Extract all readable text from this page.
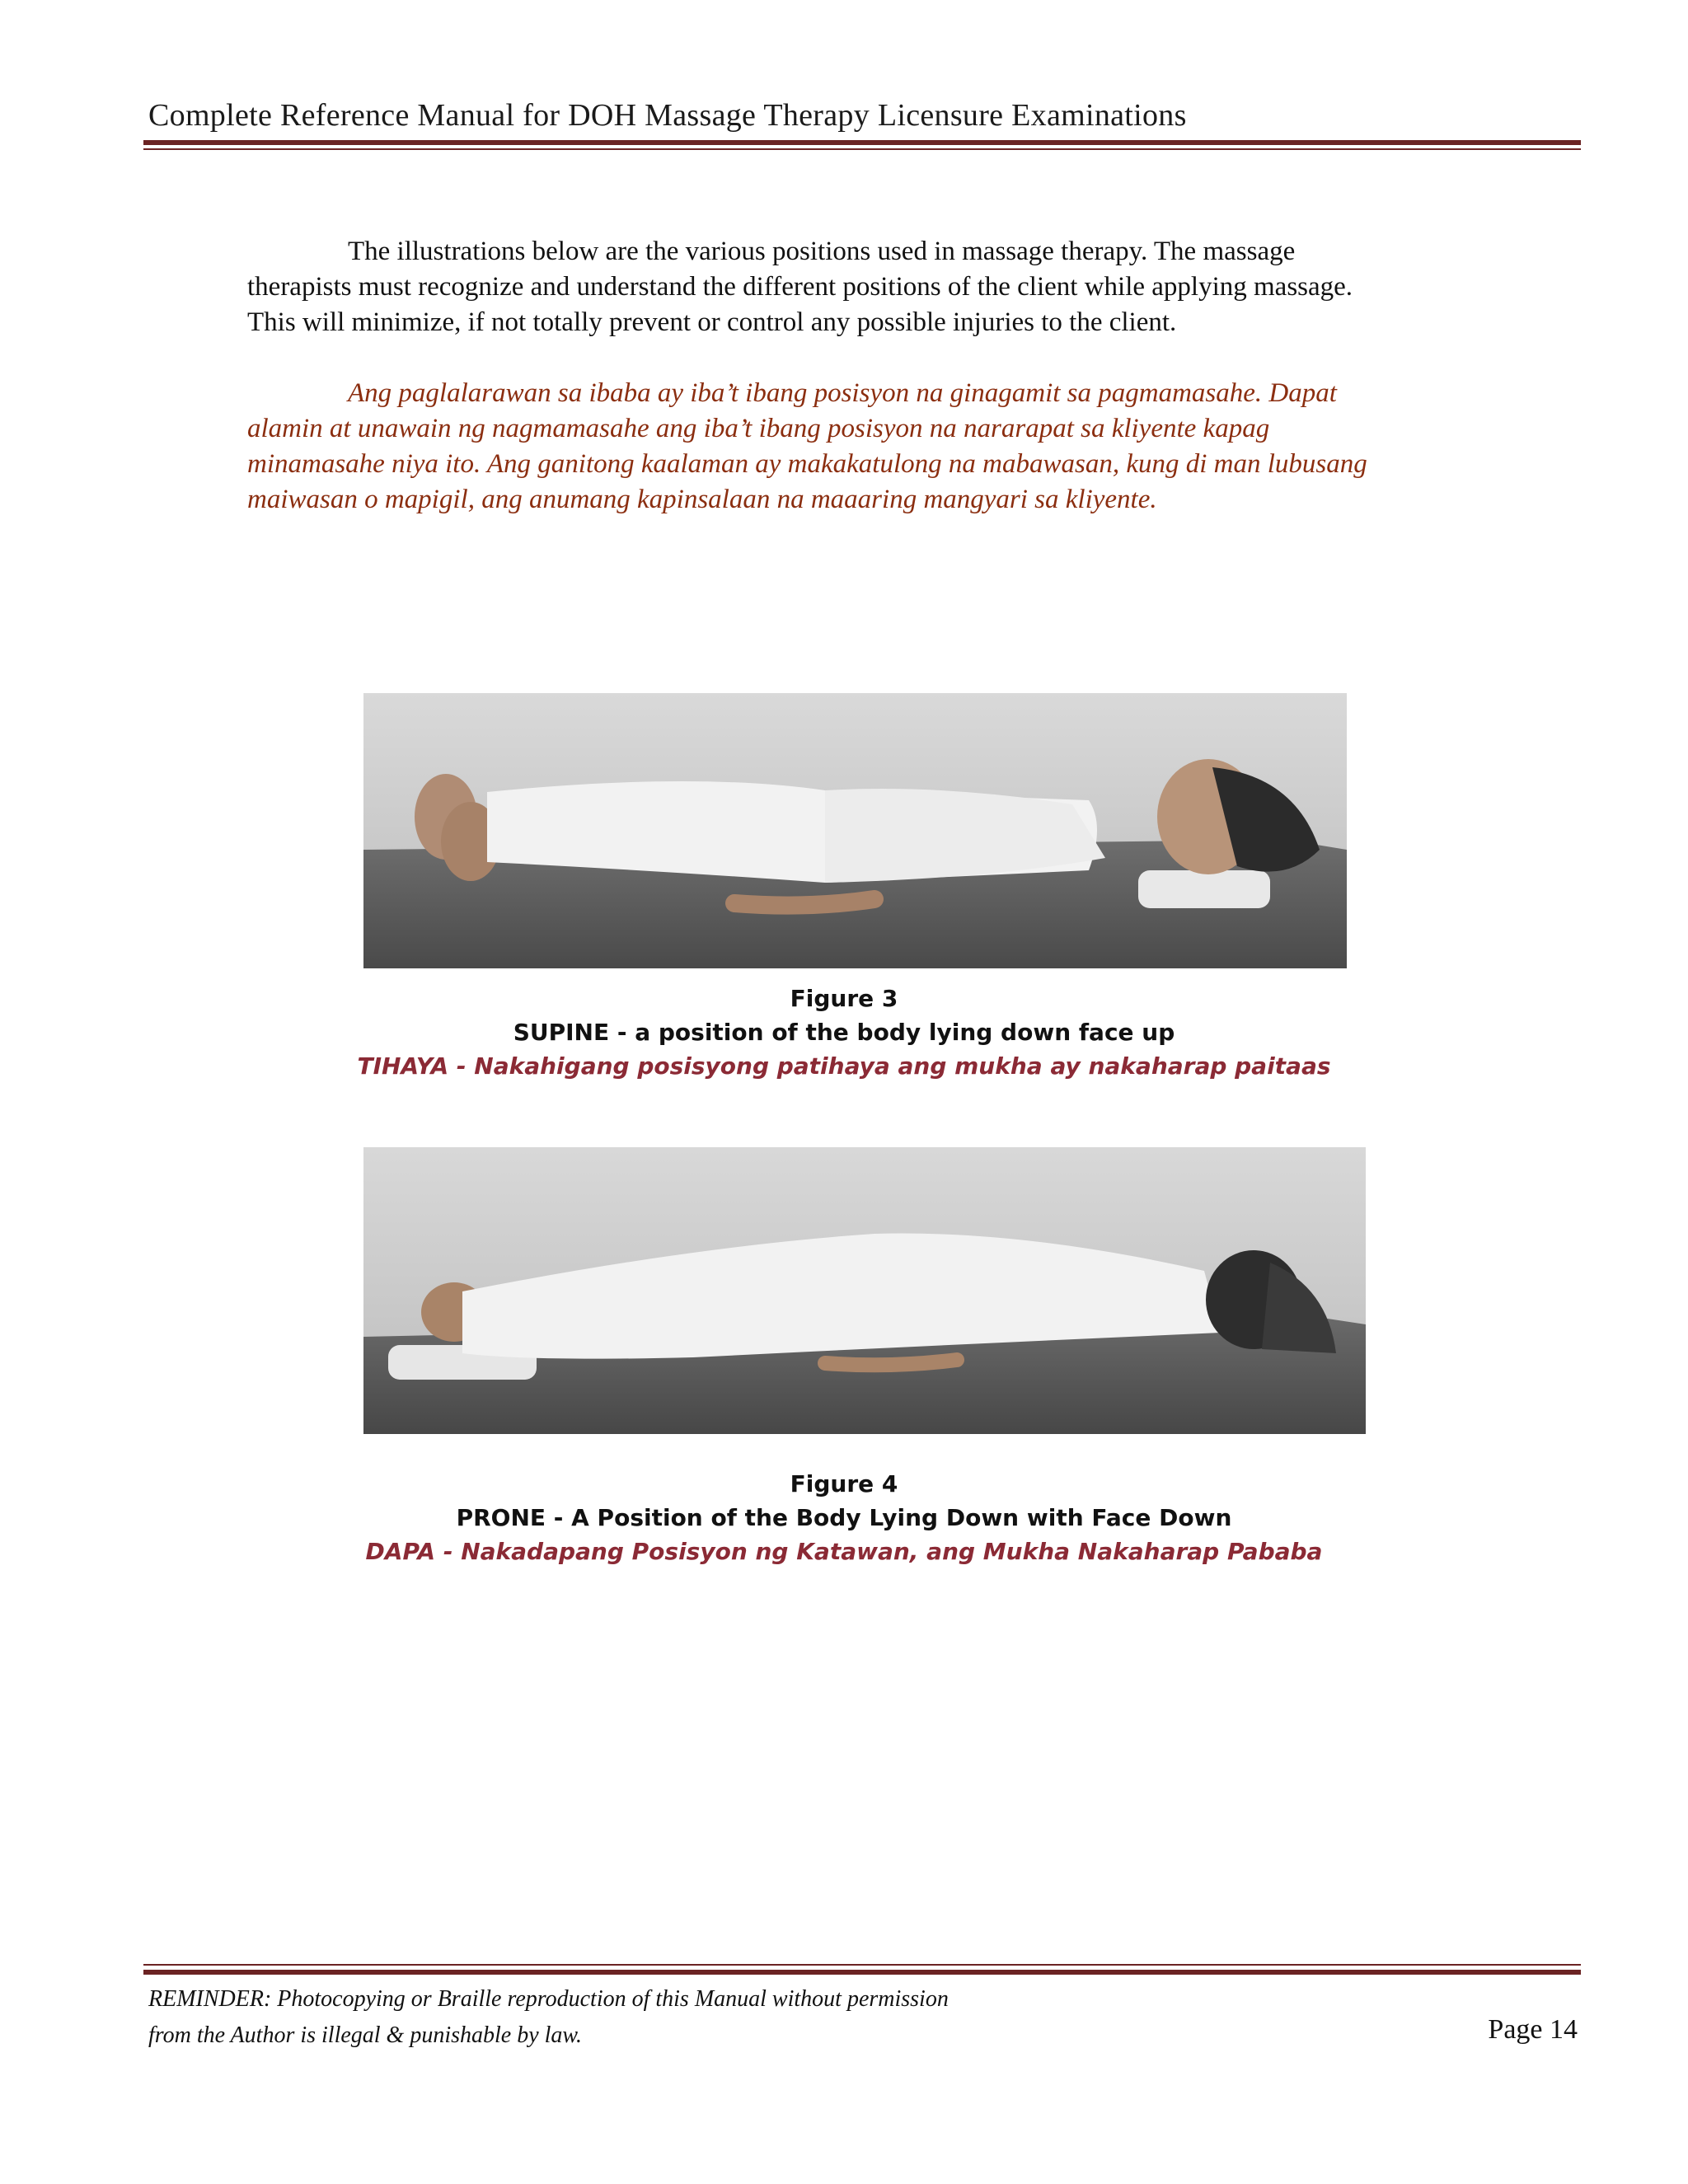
Complete Reference Manual for DOH Massage Therapy Licensure Examinations

The illustrations below are the various positions used in massage therapy. The massage
therapists must recognize and understand the different positions of the client while applying massage.
This will minimize, if not totally prevent or control any possible injuries to the client.

Ang paglalarawan sa ibaba ay iba’t ibang posisyon na ginagamit sa pagmamasahe. Dapat
alamin at unawain ng nagmamasahe ang iba’t ibang posisyon na nararapat sa kliyente kapag
minamasahe niya ito. Ang ganitong kaalaman ay makakatulong na mabawasan, kung di man lubusang
maiwasan o mapigil, ang anumang kapinsalaan na maaaring mangyari sa kliyente.

Figure 3
SUPINE - a position of the body lying down face up
TIHAYA - Nakahigang posisyong patihaya ang mukha ay nakaharap paitaas
Figure 4
PRONE - A Position of the Body Lying Down with Face Down
DAPA - Nakadapang Posisyon ng Katawan, ang Mukha Nakaharap Pababa
REMINDER: Photocopying or Braille reproduction of this Manual without permission
from the Author is illegal & punishable by law.	Page 14
